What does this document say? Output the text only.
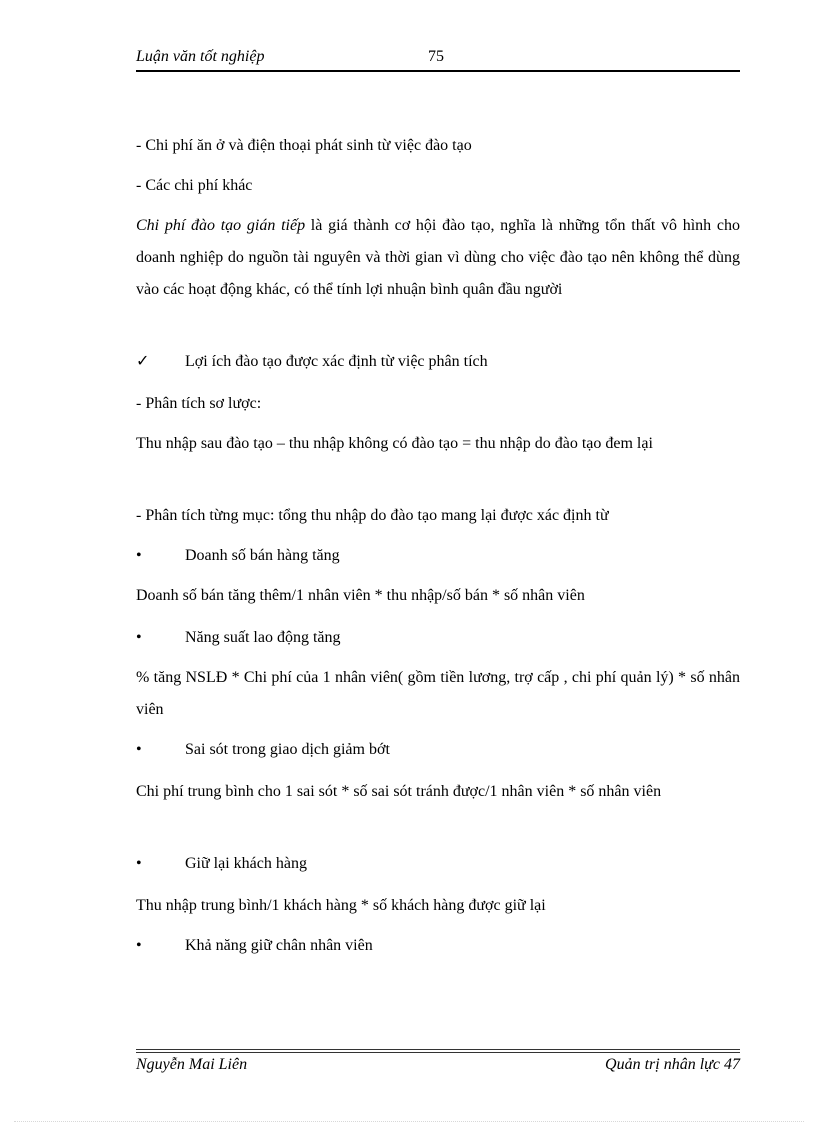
Luận văn tốt nghiệp	75
- Chi phí ăn ở và điện thoại phát sinh từ việc đào tạo
- Các chi phí khác
Chi phí đào tạo gián tiếp là giá thành cơ hội đào tạo, nghĩa là những tổn thất vô hình cho doanh nghiệp do nguồn tài nguyên và thời gian vì dùng cho việc đào tạo nên không thể dùng vào các hoạt động khác, có thể tính lợi nhuận bình quân đầu người
✓	Lợi ích đào tạo được xác định từ việc phân tích
- Phân tích sơ lược:
Thu nhập sau đào tạo – thu nhập không có đào tạo = thu nhập do đào tạo đem lại
- Phân tích từng mục: tổng thu nhập do đào tạo mang lại được xác định từ
•	Doanh số bán hàng tăng
Doanh số bán tăng thêm/1 nhân viên * thu nhập/số bán * số nhân viên
•	Năng suất lao động tăng
% tăng NSLĐ * Chi phí của 1 nhân viên( gồm tiền lương, trợ cấp , chi phí quản lý) * số nhân viên
•	Sai sót trong giao dịch giảm bớt
Chi phí trung bình cho 1 sai sót * số sai sót tránh được/1 nhân viên * số nhân viên
•	Giữ lại khách hàng
Thu nhập trung bình/1 khách hàng * số khách hàng được giữ lại
•	Khả năng giữ chân nhân viên
Nguyễn Mai Liên	Quản trị nhân lực 47
